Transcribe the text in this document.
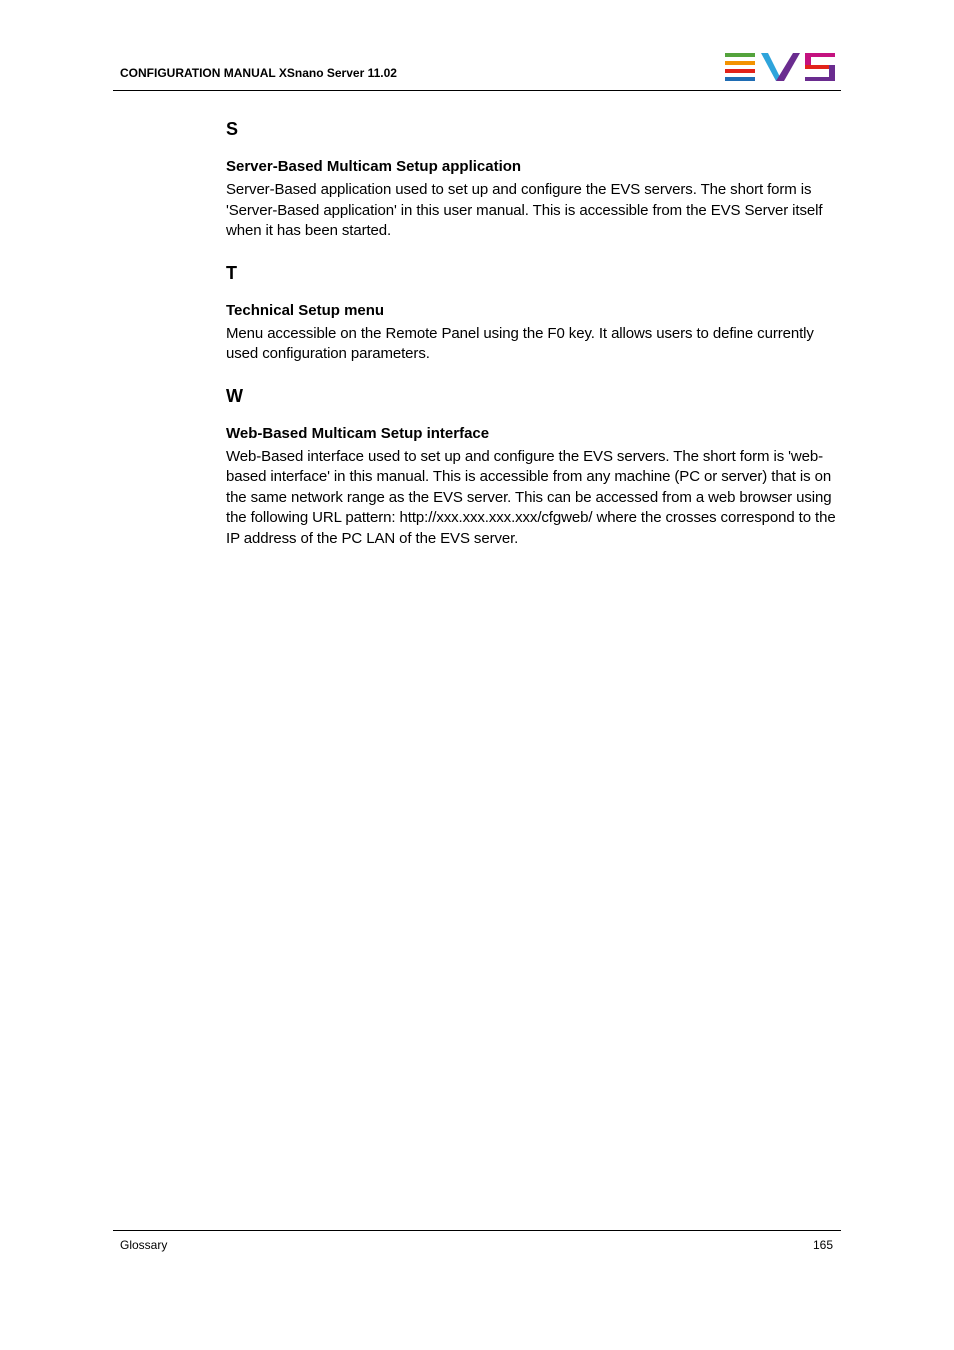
CONFIGURATION MANUAL XSnano Server 11.02
S
Server-Based Multicam Setup application

Server-Based application used to set up and configure the EVS servers. The short form is 'Server-Based application' in this user manual. This is accessible from the EVS Server itself when it has been started.

T
Technical Setup menu

Menu accessible on the Remote Panel using the F0 key. It allows users to define currently used configuration parameters.

W
Web-Based Multicam Setup interface

Web-Based interface used to set up and configure the EVS servers. The short form is 'web-based interface' in this manual. This is accessible from any machine (PC or server) that is on the same network range as the EVS server. This can be accessed from a web browser using the following URL pattern: http://xxx.xxx.xxx.xxx/cfgweb/ where the crosses correspond to the IP address of the PC LAN of the EVS server.

Glossary	165
